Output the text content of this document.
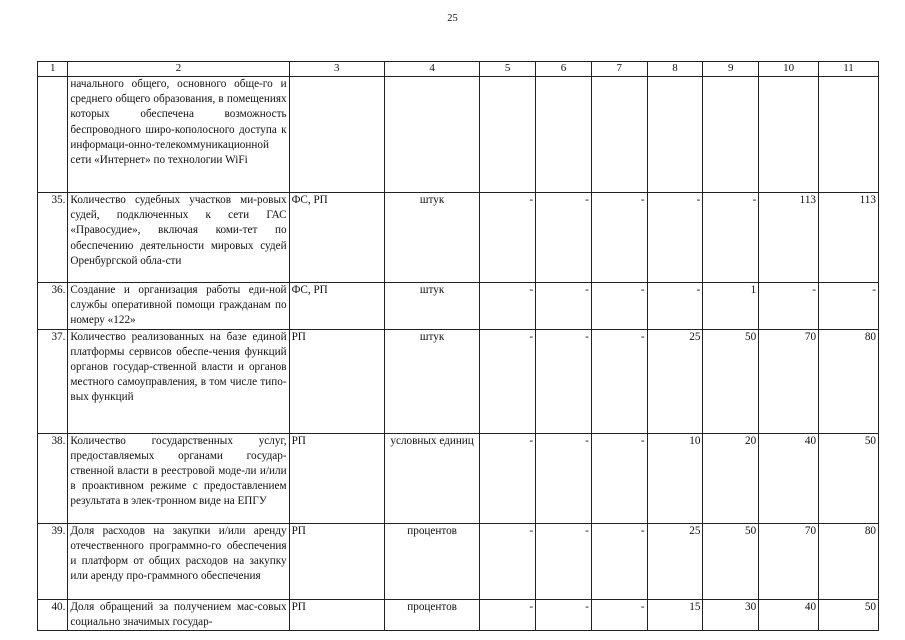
25
1	2	3	4	5	6	7	8	9	10	11
	начального общего, основного обще-го и среднего общего образования, в помещениях которых обеспечена возможность беспроводного широ-кополосного доступа к информаци-онно-телекоммуникационной сети «Интернет» по технологии WiFi									
35.	Количество судебных участков ми-ровых судей, подключенных к сети ГАС «Правосудие», включая коми-тет по обеспечению деятельности мировых судей Оренбургской обла-сти	ФС, РП	штук	-	-	-	-	-	113	113
36.	Создание и организация работы еди-ной службы оперативной помощи гражданам по номеру «122»	ФС, РП	штук	-	-	-	-	1	-	-
37.	Количество реализованных на базе единой платформы сервисов обеспе-чения функций органов государ-ственной власти и органов местного самоуправления, в том числе типо-вых функций	РП	штук	-	-	-	25	50	70	80
38.	Количество государственных услуг, предоставляемых органами государ-ственной власти в реестровой моде-ли и/или в проактивном режиме с предоставлением результата в элек-тронном виде на ЕПГУ	РП	условных единиц	-	-	-	10	20	40	50
39.	Доля расходов на закупки и/или аренду отечественного программно-го обеспечения и платформ от общих расходов на закупку или аренду про-граммного обеспечения	РП	процентов	-	-	-	25	50	70	80
40.	Доля обращений за получением мас-совых социально значимых государ-	РП	процентов	-	-	-	15	30	40	50
